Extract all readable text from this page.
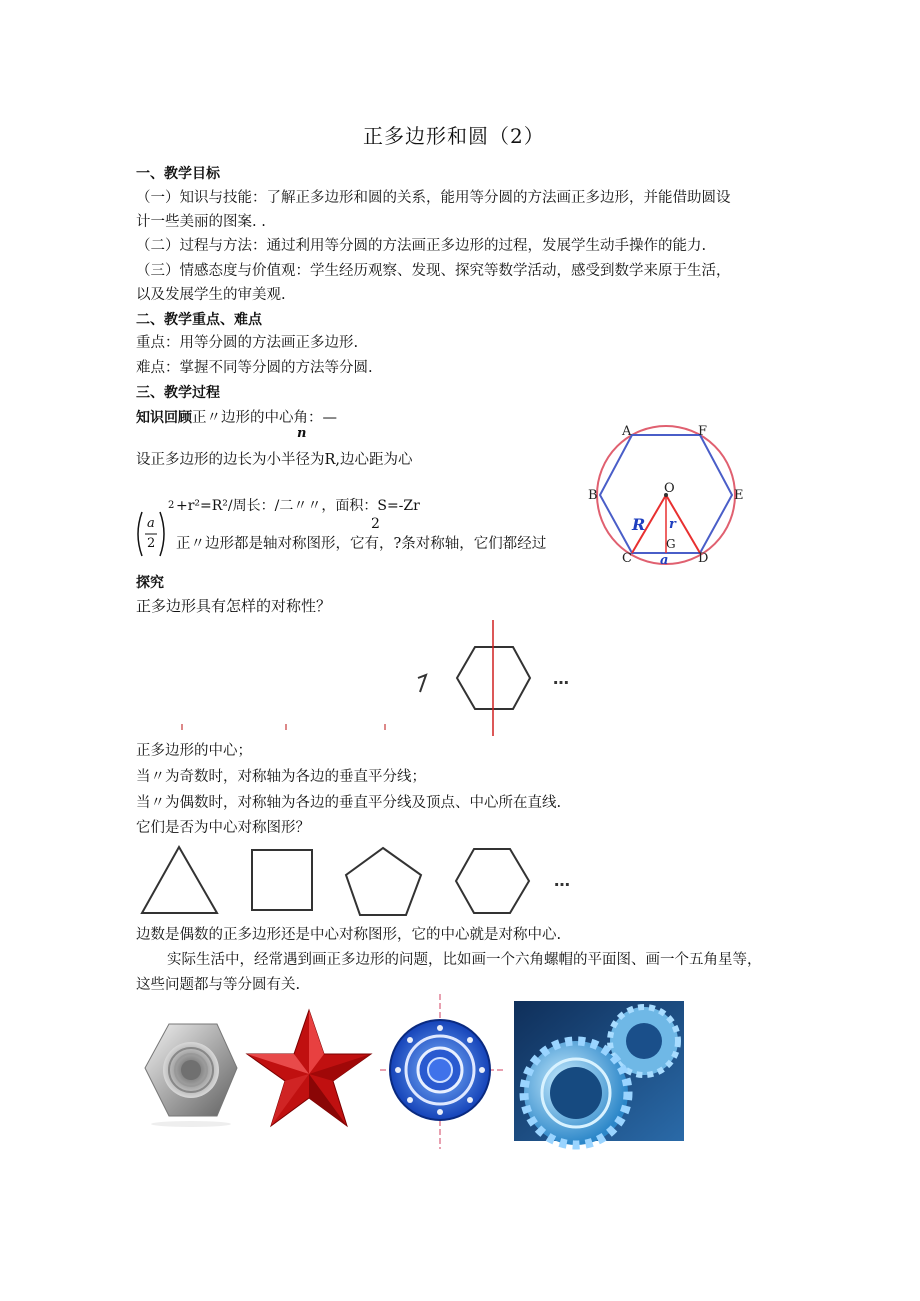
正多边形和圆（2）
一、教学目标
（一）知识与技能：了解正多边形和圆的关系，能用等分圆的方法画正多边形，并能借助圆设
计一些美丽的图案. .
（二）过程与方法：通过利用等分圆的方法画正多边形的过程，发展学生动手操作的能力.
（三）情感态度与价值观：学生经历观察、发现、探究等数学活动，感受到数学来原于生活，
以及发展学生的审美观.
二、教学重点、难点
重点：用等分圆的方法画正多边形.
难点：掌握不同等分圆的方法等分圆.
三、教学过程
知识回顾正〃边形的中心角：—
n
设正多边形的边长为小半径为R,边心距为心
a
2
2 +r²=R²/周长：/二〃〃，面积：S=-Zr
2
正〃边形都是轴对称图形，它有，?条对称轴，它们都经过
A	F
B	E
C	D
O
R r
G
a
探究
正多边形具有怎样的对称性？
…
正多边形的中心；
当〃为奇数时，对称轴为各边的垂直平分线；
当〃为偶数时，对称轴为各边的垂直平分线及顶点、中心所在直线.
它们是否为中心对称图形？
…
边数是偶数的正多边形还是中心对称图形，它的中心就是对称中心.
实际生活中，经常遇到画正多边形的问题，比如画一个六角螺帽的平面图、画一个五角星等，
这些问题都与等分圆有关.
